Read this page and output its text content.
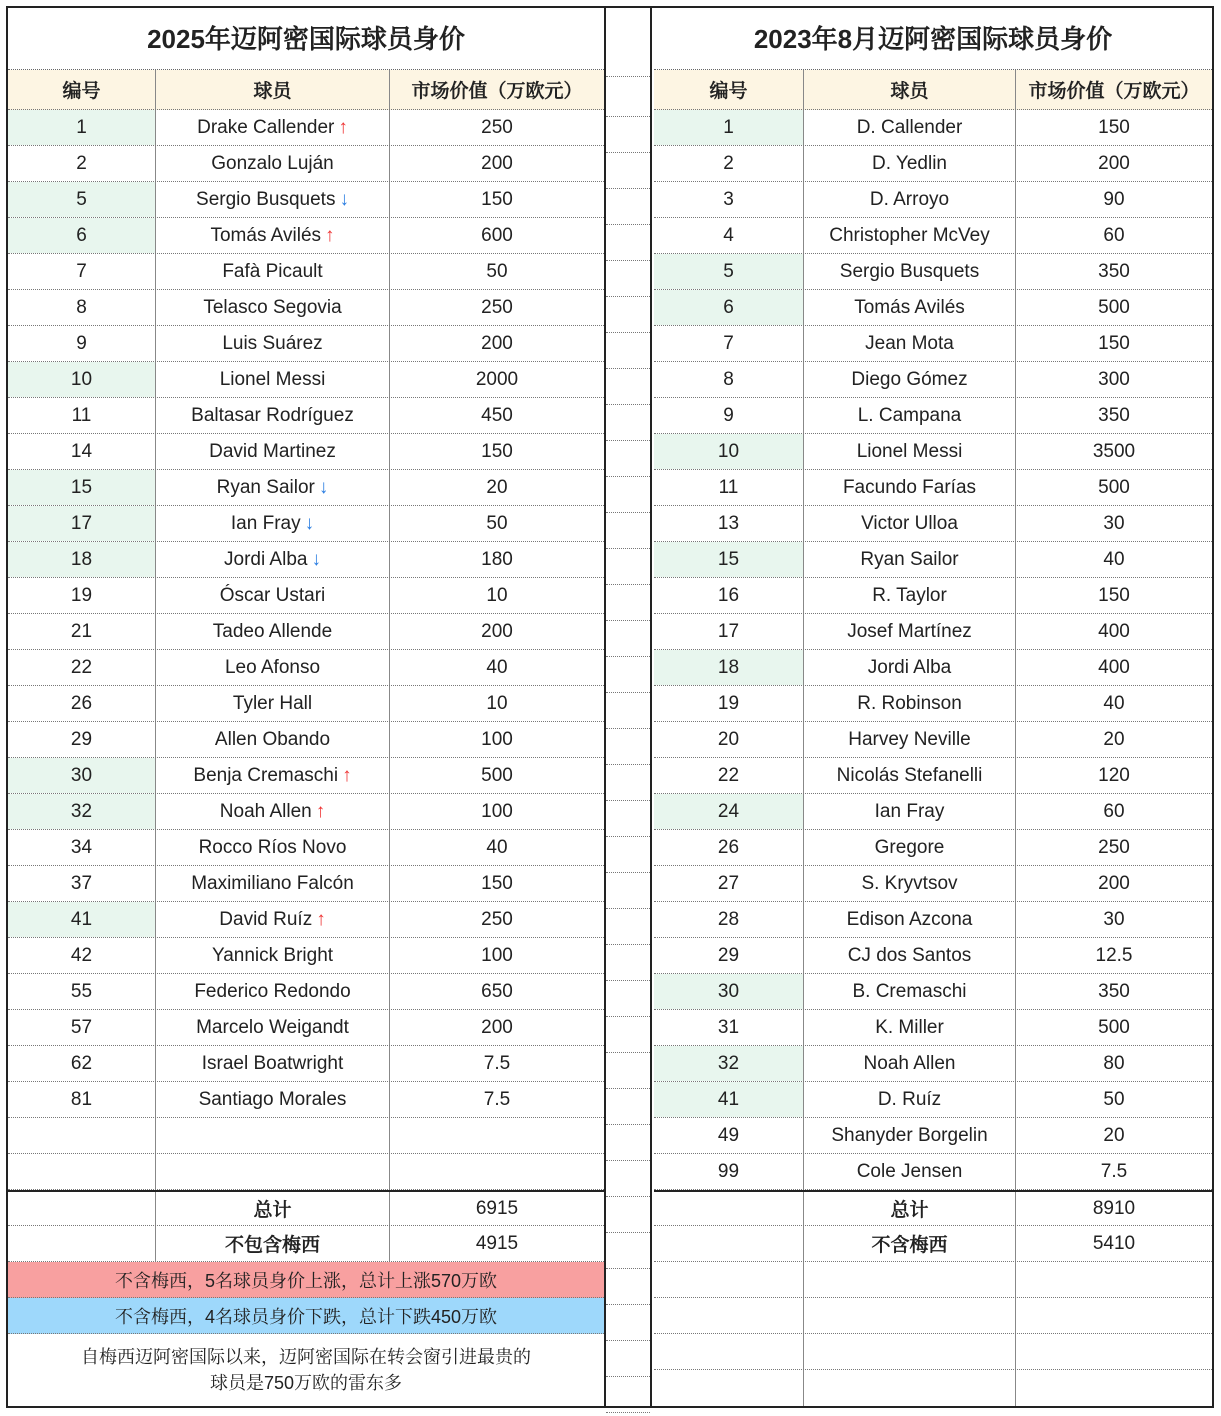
2025年迈阿密国际球员身价
编号	球员	市场价值（万欧元）
1	Drake Callender ↑	250
2	Gonzalo Luján	200
5	Sergio Busquets ↓	150
6	Tomás Avilés ↑	600
7	Fafà Picault	50
8	Telasco Segovia	250
9	Luis Suárez	200
10	Lionel Messi	2000
11	Baltasar Rodríguez	450
14	David Martinez	150
15	Ryan Sailor ↓	20
17	Ian Fray ↓	50
18	Jordi Alba ↓	180
19	Óscar Ustari	10
21	Tadeo Allende	200
22	Leo Afonso	40
26	Tyler Hall	10
29	Allen Obando	100
30	Benja Cremaschi ↑	500
32	Noah Allen ↑	100
34	Rocco Ríos Novo	40
37	Maximiliano Falcón	150
41	David Ruíz ↑	250
42	Yannick Bright	100
55	Federico Redondo	650
57	Marcelo Weigandt	200
62	Israel Boatwright	7.5
81	Santiago Morales	7.5
总计	6915
不包含梅西	4915
不含梅西，5名球员身价上涨，总计上涨570万欧
不含梅西，4名球员身价下跌，总计下跌450万欧
自梅西迈阿密国际以来，迈阿密国际在转会窗引进最贵的
球员是750万欧的雷东多
2023年8月迈阿密国际球员身价
编号	球员	市场价值（万欧元）
1	D. Callender	150
2	D. Yedlin	200
3	D. Arroyo	90
4	Christopher McVey	60
5	Sergio Busquets	350
6	Tomás Avilés	500
7	Jean Mota	150
8	Diego Gómez	300
9	L. Campana	350
10	Lionel Messi	3500
11	Facundo Farías	500
13	Victor Ulloa	30
15	Ryan Sailor	40
16	R. Taylor	150
17	Josef Martínez	400
18	Jordi Alba	400
19	R. Robinson	40
20	Harvey Neville	20
22	Nicolás Stefanelli	120
24	Ian Fray	60
26	Gregore	250
27	S. Kryvtsov	200
28	Edison Azcona	30
29	CJ dos Santos	12.5
30	B. Cremaschi	350
31	K. Miller	500
32	Noah Allen	80
41	D. Ruíz	50
49	Shanyder Borgelin	20
99	Cole Jensen	7.5
总计	8910
不含梅西	5410
